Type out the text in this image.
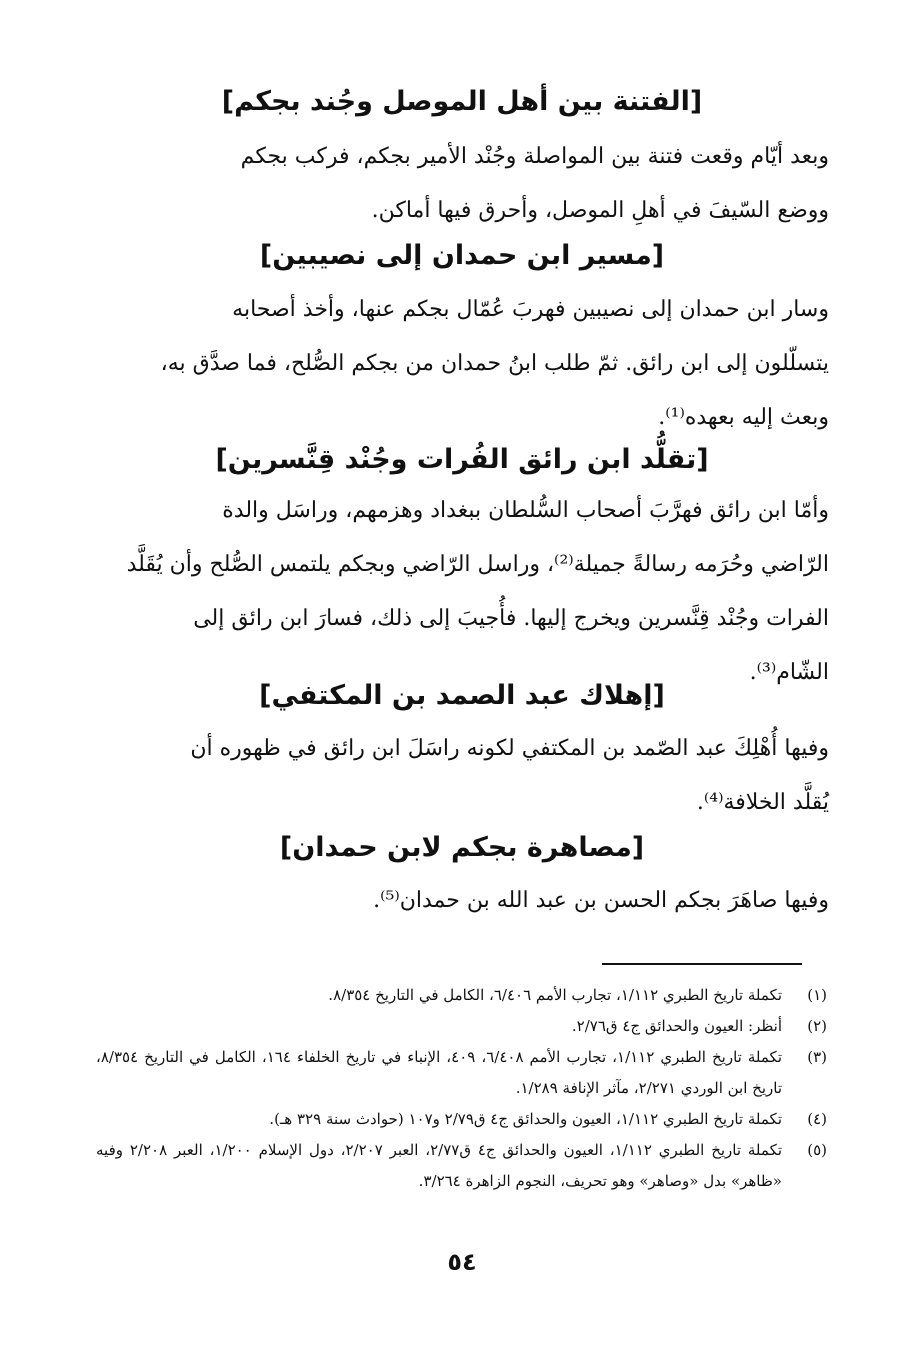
[الفتنة بين أهل الموصل وجُند بجكم]

وبعد أيّام وقعت فتنة بين المواصلة وجُنْد الأمير بجكم، فركب بجكم

ووضع السّيفَ في أهلِ الموصل، وأحرق فيها أماكن.

[مسير ابن حمدان إلى نصيبين]

وسار ابن حمدان إلى نصيبين فهربَ عُمّال بجكم عنها، وأخذ أصحابه

يتسلّلون إلى ابن رائق. ثمّ طلب ابنُ حمدان من بجكم الصُّلح، فما صدَّق به،

وبعث إليه بعهده⁽¹⁾.

[تقلُّد ابن رائق الفُرات وجُنْد قِنَّسرين]

وأمّا ابن رائق فهرَّبَ أصحاب السُّلطان ببغداد وهزمهم، وراسَل والدة

الرّاضي وحُرَمه رسالةً جميلة⁽²⁾، وراسل الرّاضي وبجكم يلتمس الصُّلح وأن يُقَلَّد

الفرات وجُنْد قِنَّسرين ويخرج إليها. فأُجيبَ إلى ذلك، فسارَ ابن رائق إلى

الشّام⁽³⁾.

[إهلاك عبد الصمد بن المكتفي]

وفيها أُهْلِكَ عبد الصّمد بن المكتفي لكونه راسَلَ ابن رائق في ظهوره أن

يُقلَّد الخلافة⁽⁴⁾.

[مصاهرة بجكم لابن حمدان]

وفيها صاهَرَ بجكم الحسن بن عبد الله بن حمدان⁽⁵⁾.

(١)
تكملة تاريخ الطبري ١/١١٢، تجارب الأمم ٦/٤٠٦، الكامل في التاريخ ٨/٣٥٤.
(٢)
أنظر: العيون والحدائق ج٤ ق٢/٧٦.
(٣)
تكملة تاريخ الطبري ١/١١٢، تجارب الأمم ٦/٤٠٨، ٤٠٩، الإنباء في تاريخ الخلفاء ١٦٤، الكامل في التاريخ ٨/٣٥٤، تاريخ ابن الوردي ٢/٢٧١، مآثر الإنافة ١/٢٨٩.
(٤)
تكملة تاريخ الطبري ١/١١٢، العيون والحدائق ج٤ ق٢/٧٩ و١٠٧ (حوادث سنة ٣٢٩ هـ).
(٥)
تكملة تاريخ الطبري ١/١١٢، العيون والحدائق ج٤ ق٢/٧٧، العبر ٢/٢٠٧، دول الإسلام ١/٢٠٠، العبر ٢/٢٠٨ وفيه «ظاهر» بدل «وصاهر» وهو تحريف، النجوم الزاهرة ٣/٢٦٤.
٥٤
